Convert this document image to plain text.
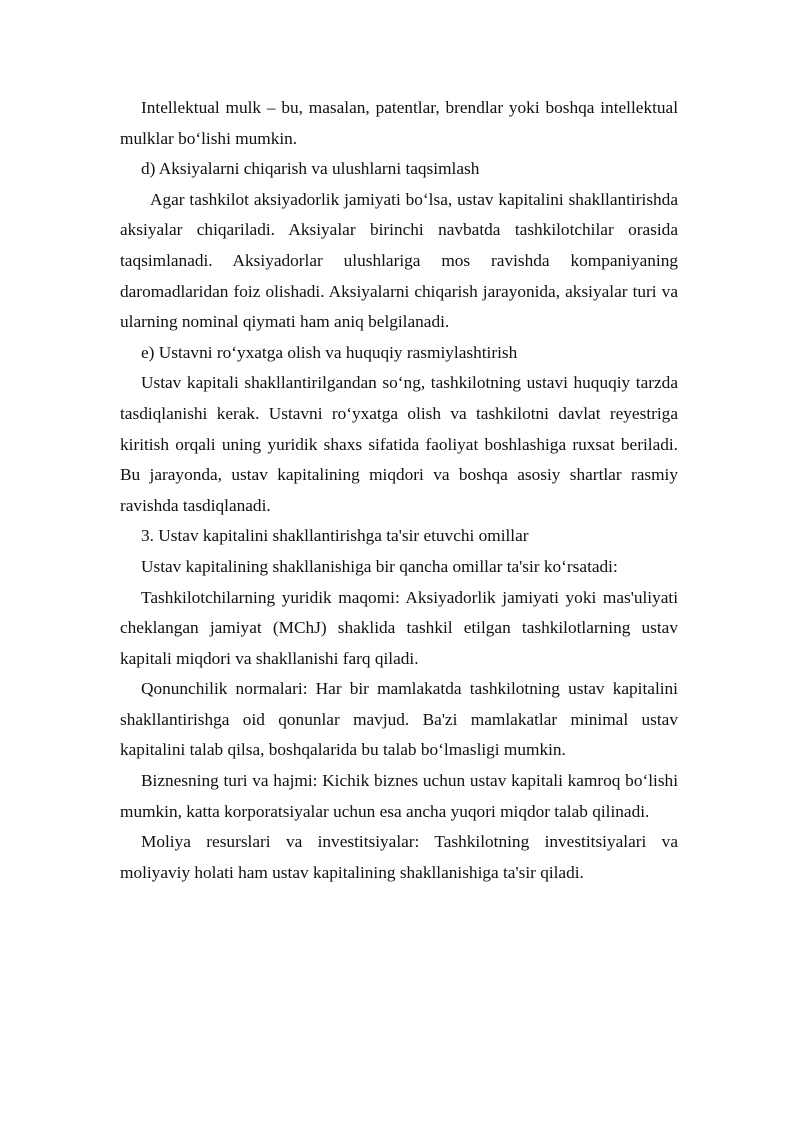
Intellektual mulk – bu, masalan, patentlar, brendlar yoki boshqa intellektual mulklar bo‘lishi mumkin.

d) Aksiyalarni chiqarish va ulushlarni taqsimlash

Agar tashkilot aksiyadorlik jamiyati bo‘lsa, ustav kapitalini shakllantirishda aksiyalar chiqariladi. Aksiyalar birinchi navbatda tashkilotchilar orasida taqsimlanadi. Aksiyadorlar ulushlariga mos ravishda kompaniyaning daromadlaridan foiz olishadi. Aksiyalarni chiqarish jarayonida, aksiyalar turi va ularning nominal qiymati ham aniq belgilanadi.

e) Ustavni ro‘yxatga olish va huquqiy rasmiylashtirish

Ustav kapitali shakllantirilgandan so‘ng, tashkilotning ustavi huquqiy tarzda tasdiqlanishi kerak. Ustavni ro‘yxatga olish va tashkilotni davlat reyestriga kiritish orqali uning yuridik shaxs sifatida faoliyat boshlashiga ruxsat beriladi. Bu jarayonda, ustav kapitalining miqdori va boshqa asosiy shartlar rasmiy ravishda tasdiqlanadi.

3. Ustav kapitalini shakllantirishga ta'sir etuvchi omillar

Ustav kapitalining shakllanishiga bir qancha omillar ta'sir ko‘rsatadi:

Tashkilotchilarning yuridik maqomi: Aksiyadorlik jamiyati yoki mas'uliyati cheklangan jamiyat (MChJ) shaklida tashkil etilgan tashkilotlarning ustav kapitali miqdori va shakllanishi farq qiladi.

Qonunchilik normalari: Har bir mamlakatda tashkilotning ustav kapitalini shakllantirishga oid qonunlar mavjud. Ba'zi mamlakatlar minimal ustav kapitalini talab qilsa, boshqalarida bu talab bo‘lmasligi mumkin.

Biznesning turi va hajmi: Kichik biznes uchun ustav kapitali kamroq bo‘lishi mumkin, katta korporatsiyalar uchun esa ancha yuqori miqdor talab qilinadi.

Moliya resurslari va investitsiyalar: Tashkilotning investitsiyalari va moliyaviy holati ham ustav kapitalining shakllanishiga ta'sir qiladi.
